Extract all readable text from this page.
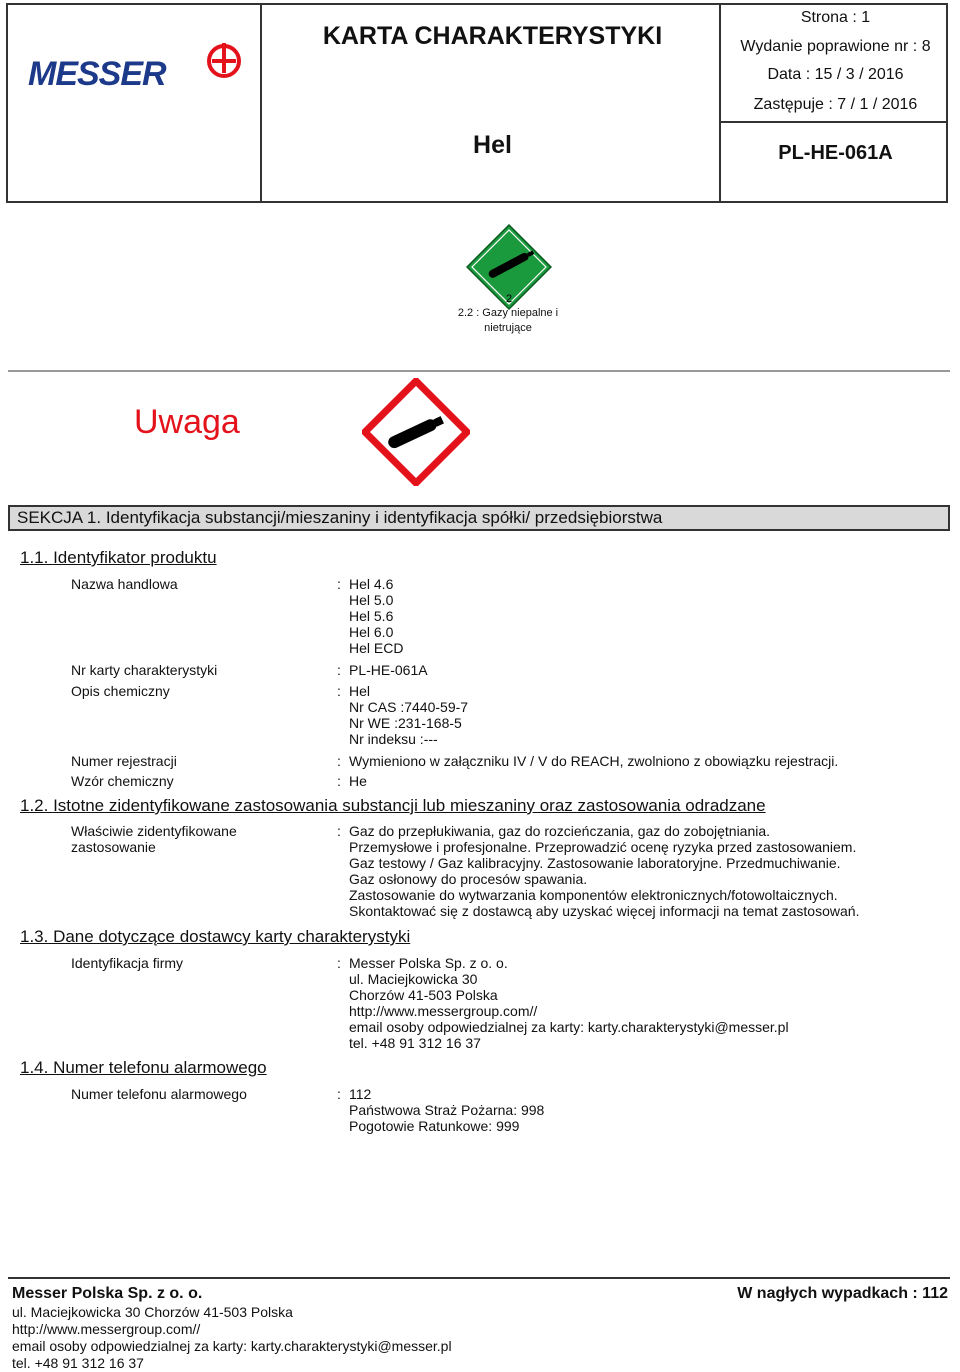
MESSER
KARTA CHARAKTERYSTYKI
Hel
Strona : 1
Wydanie poprawione nr : 8
Data : 15 / 3 / 2016
Zastępuje : 7 / 1 / 2016
PL-HE-061A
2
2.2 : Gazy niepalne i
nietrujące
Uwaga
SEKCJA 1. Identyfikacja substancji/mieszaniny i identyfikacja spółki/ przedsiębiorstwa
1.1. Identyfikator produktu
Nazwa handlowa	: Hel 4.6
Hel 5.0
Hel 5.6
Hel 6.0
Hel ECD
Nr karty charakterystyki	: PL-HE-061A
Opis chemiczny	: Hel
Nr CAS :7440-59-7
Nr WE :231-168-5
Nr indeksu :---
Numer rejestracji	: Wymieniono w załączniku IV / V do REACH, zwolniono z obowiązku rejestracji.
Wzór chemiczny	: He
1.2. Istotne zidentyfikowane zastosowania substancji lub mieszaniny oraz zastosowania odradzane
Właściwie zidentyfikowane
zastosowanie
: Gaz do przepłukiwania, gaz do rozcieńczania, gaz do zobojętniania.
Przemysłowe i profesjonalne. Przeprowadzić ocenę ryzyka przed zastosowaniem.
Gaz testowy / Gaz kalibracyjny. Zastosowanie laboratoryjne. Przedmuchiwanie.
Gaz osłonowy do procesów spawania.
Zastosowanie do wytwarzania komponentów elektronicznych/fotowoltaicznych.
Skontaktować się z dostawcą aby uzyskać więcej informacji na temat zastosowań.
1.3. Dane dotyczące dostawcy karty charakterystyki
Identyfikacja firmy	: Messer Polska Sp. z o. o.
ul. Maciejkowicka 30
Chorzów 41-503 Polska
http://www.messergroup.com//
email osoby odpowiedzialnej za karty: karty.charakterystyki@messer.pl
tel. +48 91 312 16 37
1.4. Numer telefonu alarmowego
Numer telefonu alarmowego	: 112
Państwowa Straż Pożarna: 998
Pogotowie Ratunkowe: 999
Messer Polska Sp. z o. o.	W nagłych wypadkach : 112
ul. Maciejkowicka 30 Chorzów 41-503 Polska
http://www.messergroup.com//
email osoby odpowiedzialnej za karty: karty.charakterystyki@messer.pl
tel. +48 91 312 16 37
